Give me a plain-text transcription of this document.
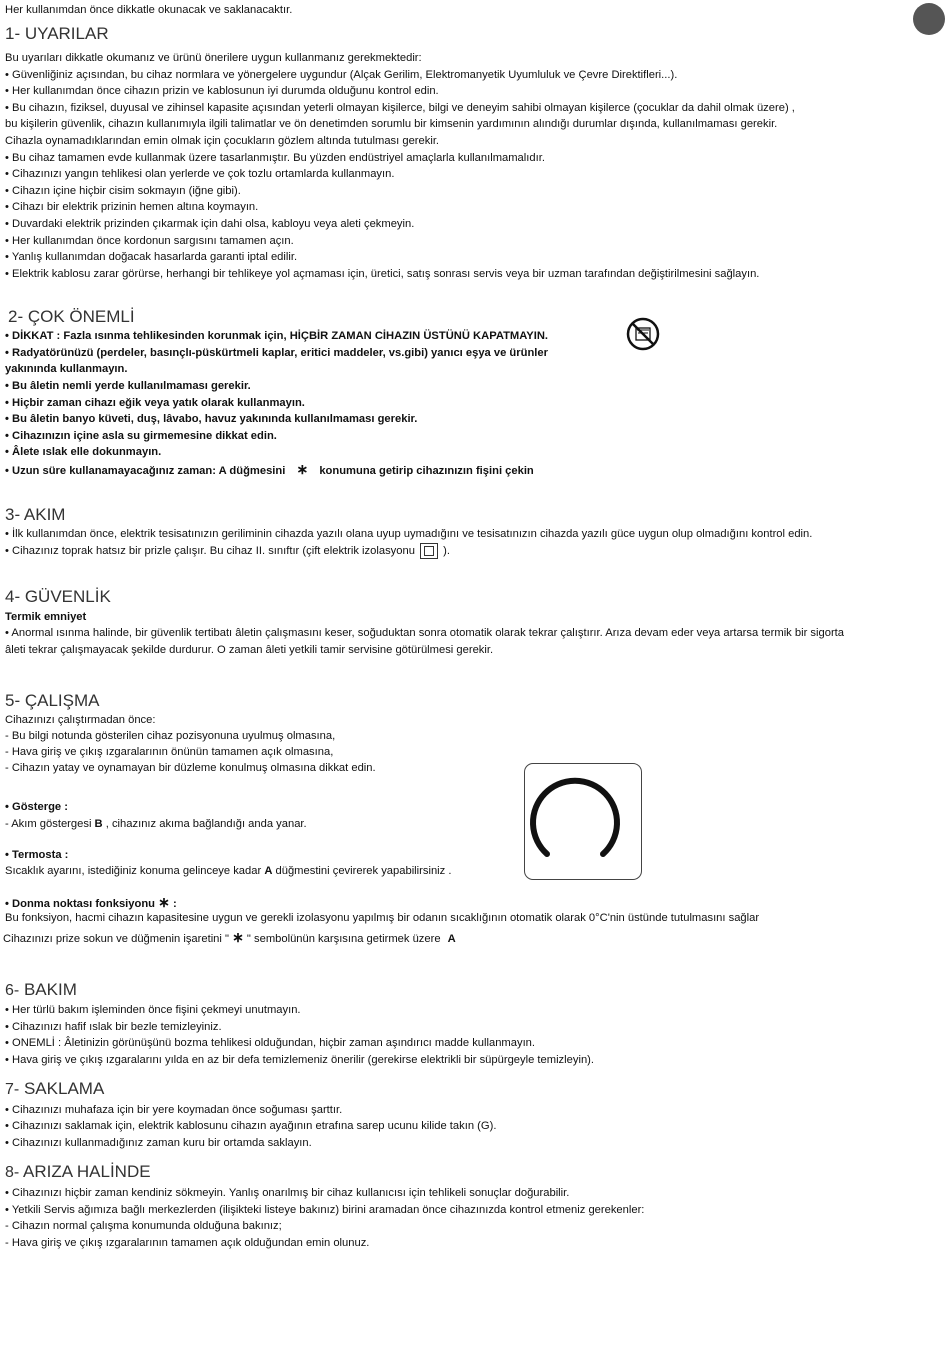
Her kullanımdan önce dikkatle okunacak ve saklanacaktır.
1- UYARILAR
Bu uyarıları dikkatle okumanız ve ürünü önerilere uygun kullanmanız gerekmektedir:
• Güvenliğiniz açısından, bu cihaz normlara ve yönergelere uygundur (Alçak Gerilim, Elektromanyetik Uyumluluk ve Çevre Direktifleri...).
• Her kullanımdan önce cihazın prizin ve kablosunun iyi durumda olduğunu kontrol edin.
• Bu cihazın, fiziksel, duyusal ve zihinsel kapasite açısından yeterli olmayan kişilerce, bilgi ve deneyim sahibi olmayan kişilerce (çocuklar da dahil olmak üzere) ,
bu kişilerin güvenlik, cihazın kullanımıyla ilgili talimatlar ve ön denetimden sorumlu bir kimsenin yardımının alındığı durumlar dışında, kullanılmaması gerekir.
Cihazla oynamadıklarından emin olmak için çocukların gözlem altında tutulması gerekir.
• Bu cihaz tamamen evde kullanmak üzere tasarlanmıştır. Bu yüzden endüstriyel amaçlarla kullanılmamalıdır.
• Cihazınızı yangın tehlikesi olan yerlerde ve çok tozlu ortamlarda kullanmayın.
• Cihazın içine hiçbir cisim sokmayın (iğne gibi).
• Cihazı bir elektrik prizinin hemen altına koymayın.
• Duvardaki elektrik prizinden çıkarmak için dahi olsa, kabloyu veya aleti çekmeyin.
• Her kullanımdan önce kordonun sargısını tamamen açın.
• Yanlış kullanımdan doğacak hasarlarda garanti iptal edilir.
• Elektrik kablosu zarar görürse, herhangi bir tehlikeye yol açmaması için, üretici, satış sonrası servis veya bir uzman tarafından değiştirilmesini sağlayın.
2- ÇOK ÖNEMLİ
• DİKKAT : Fazla ısınma tehlikesinden korunmak için, HİÇBİR ZAMAN CİHAZIN ÜSTÜNÜ KAPATMAYIN.
• Radyatörünüzü (perdeler, basınçlı-püskürtmeli kaplar, eritici maddeler, vs.gibi) yanıcı eşya ve ürünler
yakınında kullanmayın.
• Bu âletin nemli yerde kullanılmaması gerekir.
• Hiçbir zaman cihazı eğik veya yatık olarak kullanmayın.
• Bu âletin banyo küveti, duş, lâvabo, havuz yakınında kullanılmaması gerekir.
• Cihazınızın içine asla su girmemesine dikkat edin.
• Âlete ıslak elle dokunmayın.
• Uzun süre kullanamayacağınız zaman: A düğmesini ∗ konumuna getirip cihazınızın fişini çekin
3- AKIM
• İlk kullanımdan önce, elektrik tesisatınızın geriliminin cihazda yazılı olana uyup uymadığını ve tesisatınızın cihazda yazılı güce uygun olup olmadığını kontrol edin.
• Cihazınız toprak hatsız bir prizle çalışır. Bu cihaz II. sınıftır (çift elektrik izolasyonu	).
4- GÜVENLİK
Termik emniyet
• Anormal ısınma halinde, bir güvenlik tertibatı âletin çalışmasını keser, soğuduktan sonra otomatik olarak tekrar çalıştırır. Arıza devam eder veya artarsa termik bir sigorta
âleti tekrar çalışmayacak şekilde durdurur. O zaman âleti yetkili tamir servisine götürülmesi gerekir.
5- ÇALIŞMA
Cihazınızı çalıştırmadan önce:
- Bu bilgi notunda gösterilen cihaz pozisyonuna uyulmuş olmasına,
- Hava giriş ve çıkış ızgaralarının önünün tamamen açık olmasına,
- Cihazın yatay ve oynamayan bir düzleme konulmuş olmasına dikkat edin.
✱
• Gösterge :
- Akım göstergesi B , cihazınız akıma bağlandığı anda yanar.
• Termosta :
Sıcaklık ayarını, istediğiniz konuma gelinceye kadar A düğmestini çevirerek yapabilirsiniz .
• Donma noktası fonksiyonu ∗ :
Bu fonksiyon, hacmi cihazın kapasitesine uygun ve gerekli izolasyonu yapılmış bir odanın sıcaklığının otomatik olarak 0°C'nin üstünde tutulmasını sağlar
Cihazınızı prize sokun ve düğmenin işaretini " ∗ " sembolünün karşısına getirmek üzere A
6- BAKIM
• Her türlü bakım işleminden önce fişini çekmeyi unutmayın.
• Cihazınızı hafif ıslak bir bezle temizleyiniz.
• ONEMLİ : Âletinizin görünüşünü bozma tehlikesi olduğundan, hiçbir zaman aşındırıcı madde kullanmayın.
• Hava giriş ve çıkış ızgaralarını yılda en az bir defa temizlemeniz önerilir (gerekirse elektrikli bir süpürgeyle temizleyin).
7- SAKLAMA
• Cihazınızı muhafaza için bir yere koymadan önce soğuması şarttır.
• Cihazınızı saklamak için, elektrik kablosunu cihazın ayağının etrafına sarep ucunu kilide takın (G).
• Cihazınızı kullanmadığınız zaman kuru bir ortamda saklayın.
8- ARIZA HALİNDE
• Cihazınızı hiçbir zaman kendiniz sökmeyin. Yanlış onarılmış bir cihaz kullanıcısı için tehlikeli sonuçlar doğurabilir.
• Yetkili Servis ağımıza bağlı merkezlerden (ilişikteki listeye bakınız) birini aramadan önce cihazınızda kontrol etmeniz gerekenler:
- Cihazın normal çalışma konumunda olduğuna bakınız;
- Hava giriş ve çıkış ızgaralarının tamamen açık olduğundan emin olunuz.
